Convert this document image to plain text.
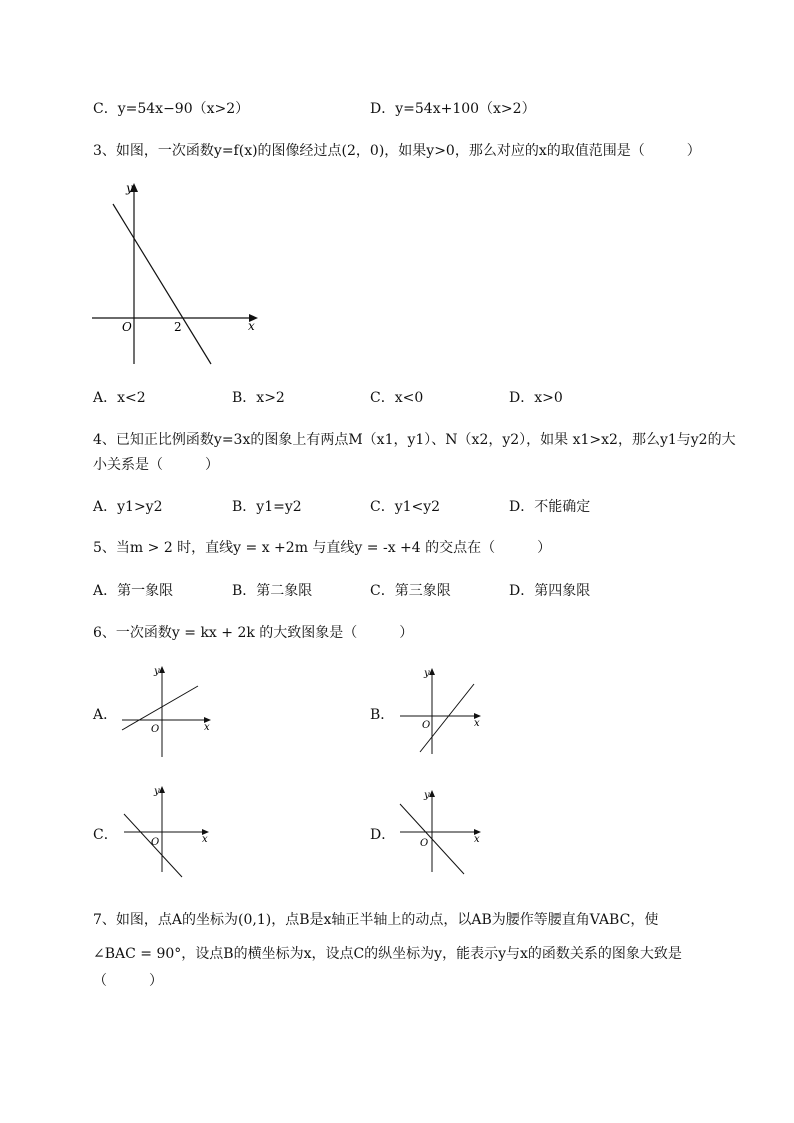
C．y=54x−90（x>2）	D．y=54x+100（x>2）
3、如图，一次函数y=f(x)的图像经过点(2，0)，如果y>0，那么对应的x的取值范围是（　　　）
y
x
O	2
A．x<2	B．x>2	C．x<0	D．x>0
4、已知正比例函数y=3x的图象上有两点M（x1，y1）、N（x2，y2），如果 x1>x2，那么y1与y2的大
小关系是（　　　）
A．y1>y2	B．y1=y2	C．y1<y2	D．不能确定
5、当m > 2 时，直线y = x +2m 与直线y = -x +4 的交点在（　　　）
A．第一象限	B．第二象限	C．第三象限	D．第四象限
6、一次函数y = kx + 2k 的大致图象是（　　　）
A．
y
x
O
B．
y
x
O
C．
y
x
O	D．
y
x
O
7、如图，点A的坐标为(0,1)，点B是x轴正半轴上的动点，以AB为腰作等腰直角VABC，使
∠BAC = 90°，设点B的横坐标为x，设点C的纵坐标为y，能表示y与x的函数关系的图象大致是
（　　　）
